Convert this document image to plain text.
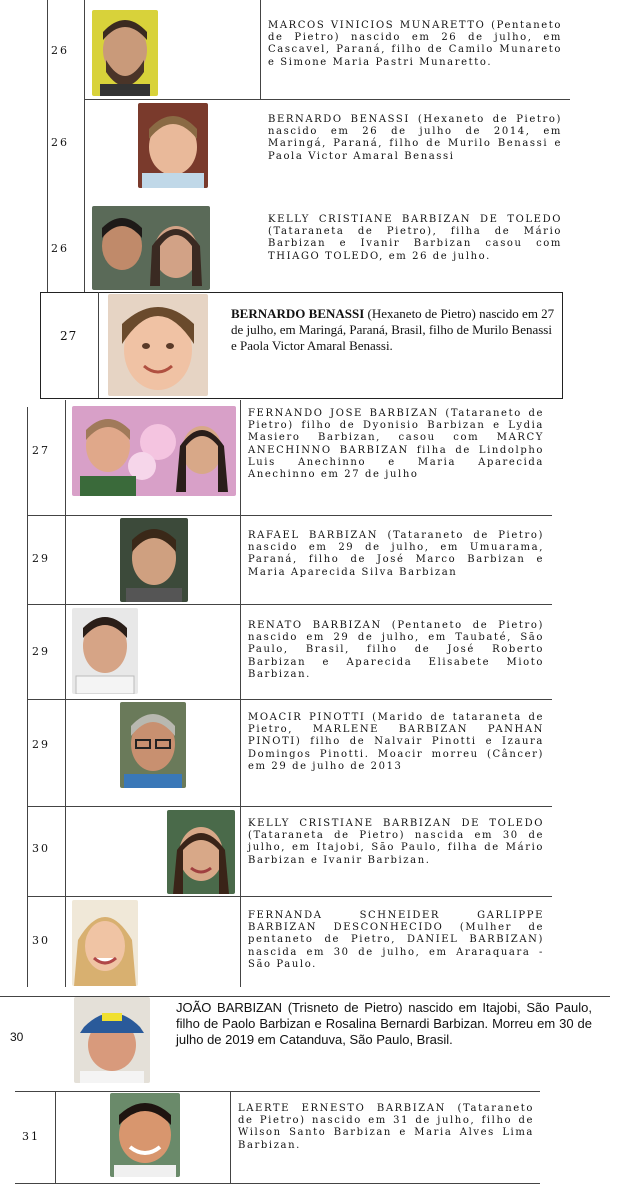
26
MARCOS VINICIOS MUNARETTO (Pentaneto de Pietro) nascido em 26 de julho, em Cascavel, Paraná, filho de Camilo Munareto e Simone Maria Pastri Munaretto.
26
BERNARDO BENASSI (Hexaneto de Pietro) nascido em 26 de julho de 2014, em Maringá, Paraná, filho de Murilo Benassi e Paola Victor Amaral Benassi
26
KELLY CRISTIANE BARBIZAN DE TOLEDO (Tataraneta de Pietro), filha de Mário Barbizan e Ivanir Barbizan casou com THIAGO TOLEDO, em 26 de julho.
27
BERNARDO BENASSI (Hexaneto de Pietro) nascido em 27 de julho, em Maringá, Paraná, Brasil, filho de Murilo Benassi e Paola Victor Amaral Benassi.
27
FERNANDO JOSE BARBIZAN (Tataraneto de Pietro) filho de Dyonisio Barbizan e Lydia Masiero Barbizan, casou com MARCY ANECHINNO BARBIZAN filha de Lindolpho Luis Anechinno e Maria Aparecida Anechinno em 27 de julho
29
RAFAEL BARBIZAN (Tataraneto de Pietro) nascido em 29 de julho, em Umuarama, Paraná, filho de José Marco Barbizan e Maria Aparecida Silva Barbizan
29
RENATO BARBIZAN (Pentaneto de Pietro) nascido em 29 de julho, em Taubaté, São Paulo, Brasil, filho de José Roberto Barbizan e Aparecida Elisabete Mioto Barbizan.
29
MOACIR PINOTTI (Marido de tataraneta de Pietro, MARLENE BARBIZAN PANHAN PINOTI) filho de Nalvair Pinotti e Izaura Domingos Pinotti. Moacir morreu (Câncer) em 29 de julho de 2013
30
KELLY CRISTIANE BARBIZAN DE TOLEDO (Tataraneta de Pietro) nascida em 30 de julho, em Itajobi, São Paulo, filha de Mário Barbizan e Ivanir Barbizan.
30
FERNANDA SCHNEIDER GARLIPPE BARBIZAN DESCONHECIDO (Mulher de pentaneto de Pietro, DANIEL BARBIZAN) nascida em 30 de julho, em Araraquara - São Paulo.
30
JOÃO BARBIZAN (Trisneto de Pietro) nascido em Itajobi, São Paulo, filho de Paolo Barbizan e Rosalina Bernardi Barbizan. Morreu em 30 de julho de 2019 em Catanduva, São Paulo, Brasil.
31
LAERTE ERNESTO BARBIZAN (Tataraneto de Pietro) nascido em 31 de julho, filho de Wilson Santo Barbizan e Maria Alves Lima Barbizan.
